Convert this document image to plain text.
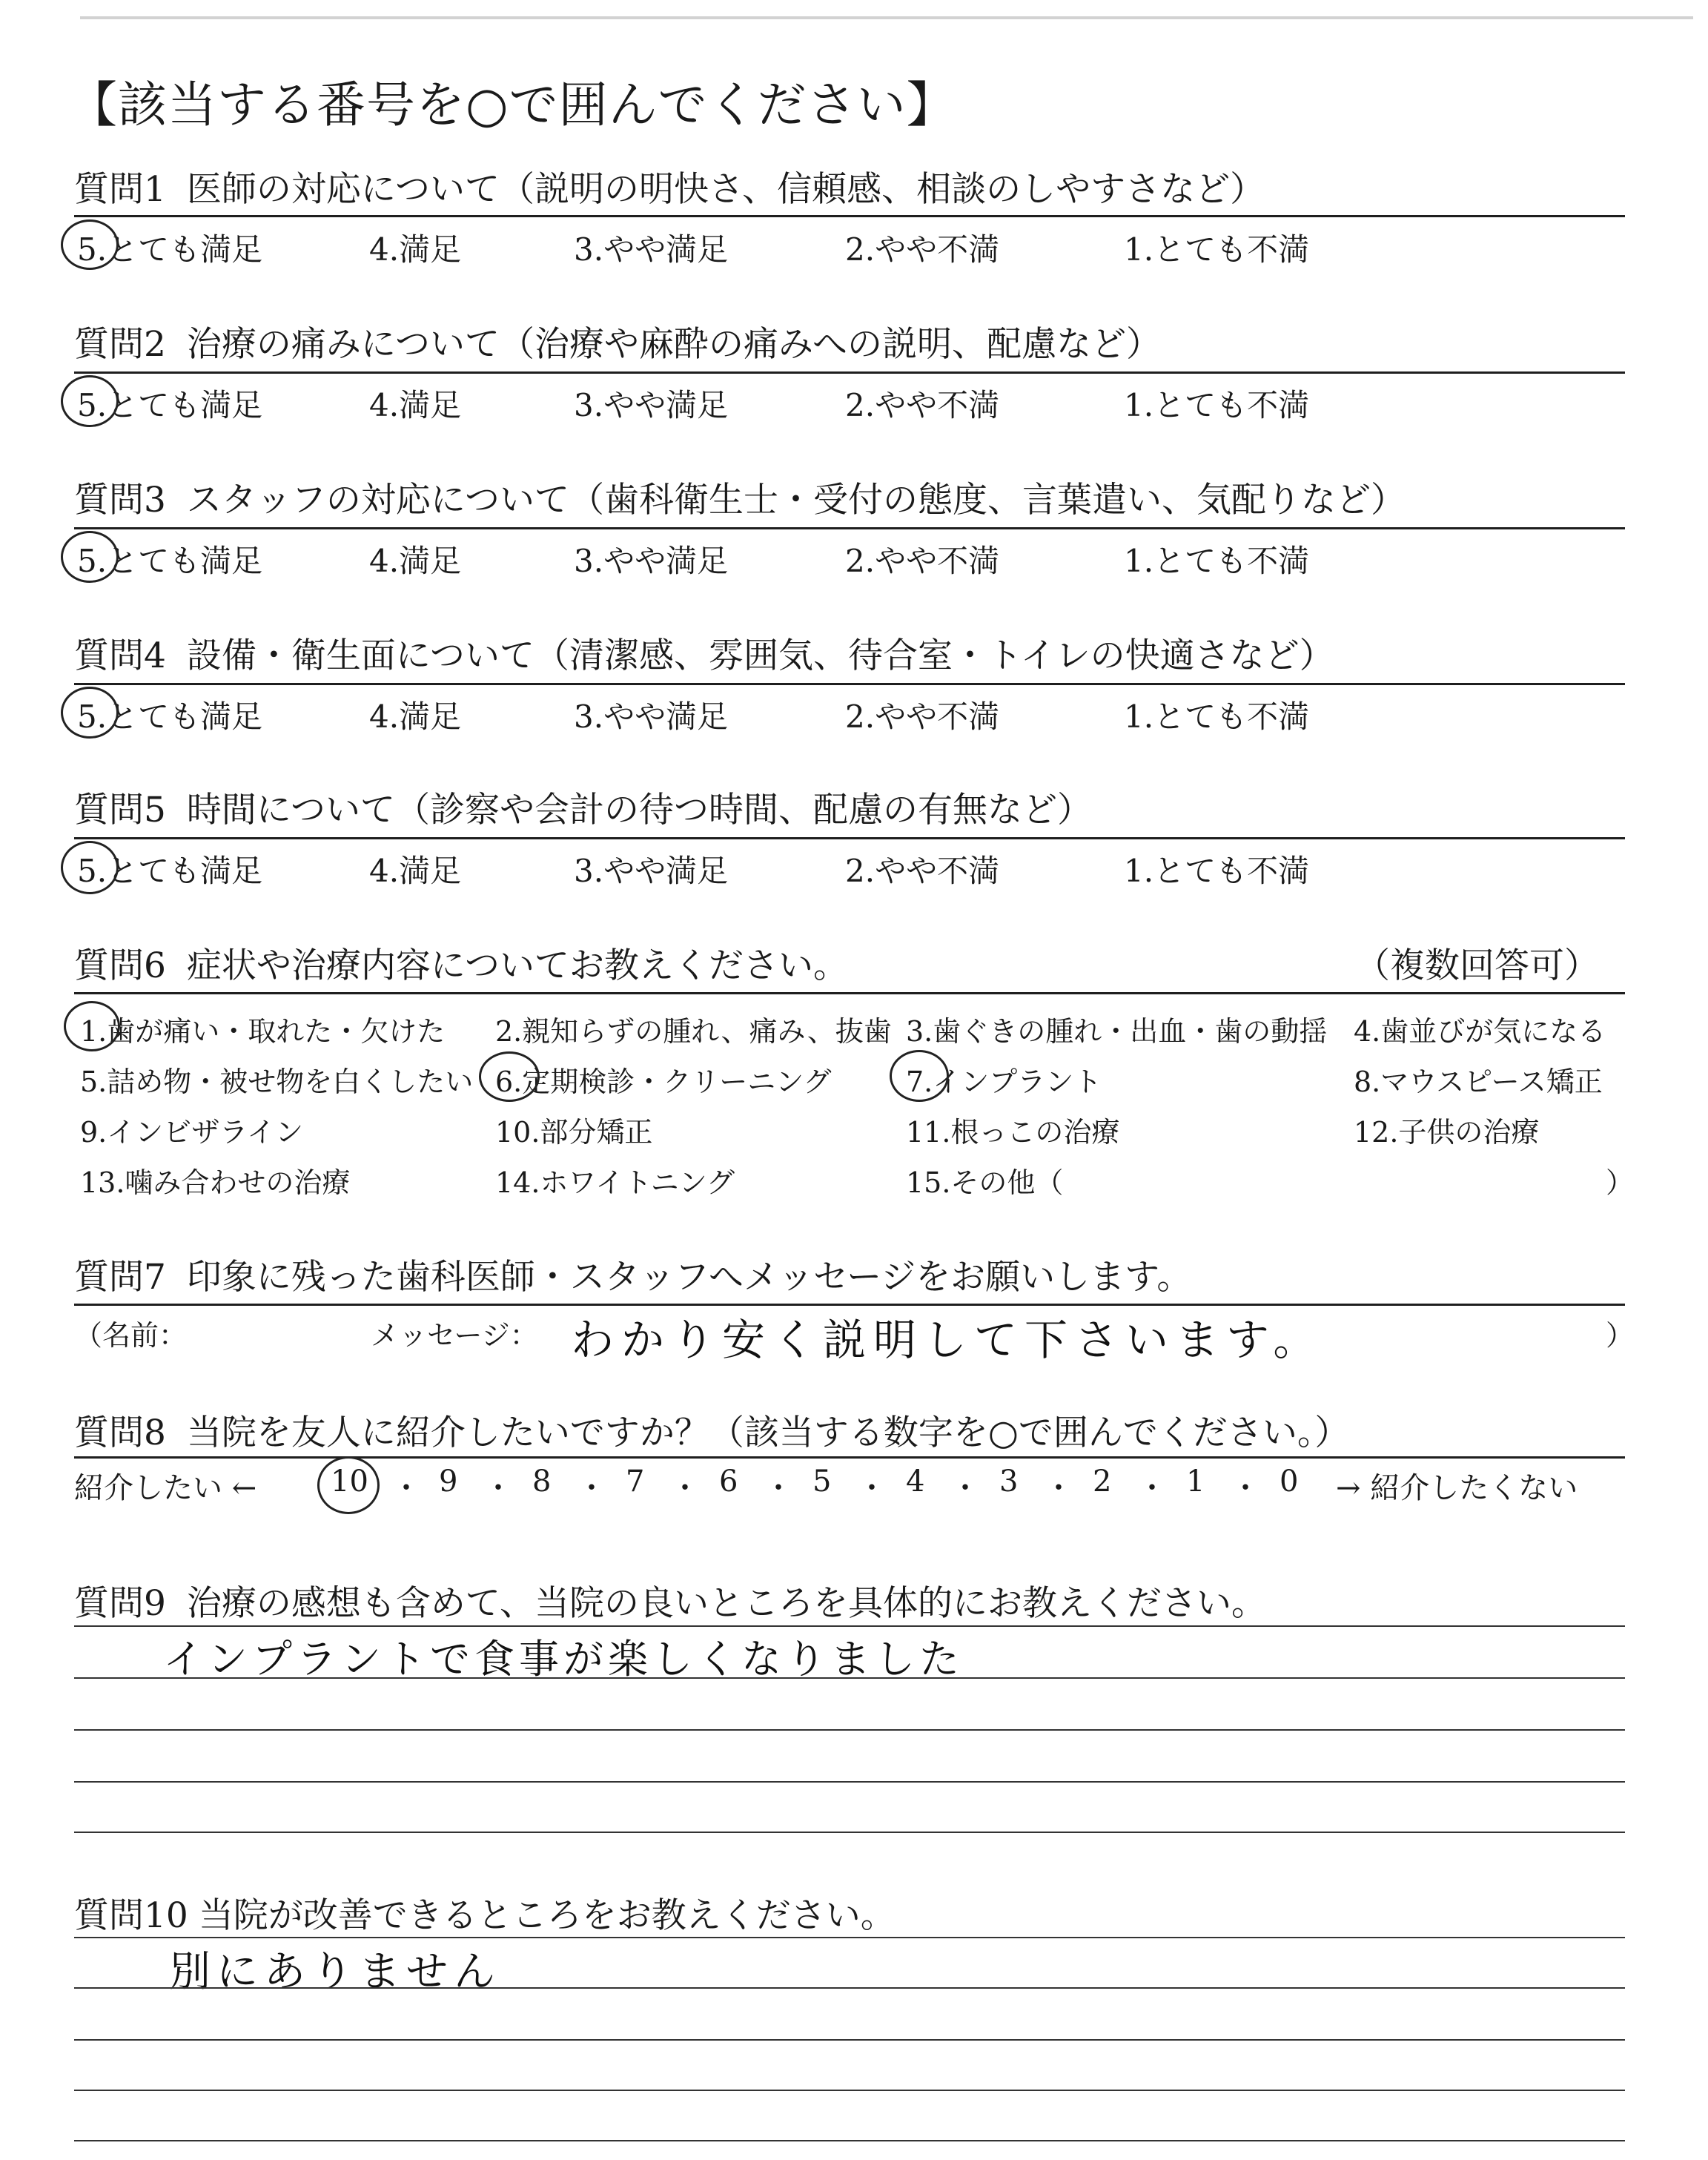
【該当する番号を○で囲んでください】
質問1 医師の対応について（説明の明快さ、信頼感、相談のしやすさなど）
5.とても満足	4.満足	3.やや満足	2.やや不満	1.とても不満
質問2 治療の痛みについて（治療や麻酔の痛みへの説明、配慮など）
5.とても満足	4.満足	3.やや満足	2.やや不満	1.とても不満
質問3 スタッフの対応について（歯科衛生士・受付の態度、言葉遣い、気配りなど）
5.とても満足	4.満足	3.やや満足	2.やや不満	1.とても不満
質問4 設備・衛生面について（清潔感、雰囲気、待合室・トイレの快適さなど）
5.とても満足	4.満足	3.やや満足	2.やや不満	1.とても不満
質問5 時間について（診察や会計の待つ時間、配慮の有無など）
5.とても満足	4.満足	3.やや満足	2.やや不満	1.とても不満
質問6 症状や治療内容についてお教えください。	（複数回答可）
1.歯が痛い・取れた・欠けた 2.親知らずの腫れ、痛み、抜歯 3.歯ぐきの腫れ・出血・歯の動揺 4.歯並びが気になる
5.詰め物・被せ物を白くしたい 6.定期検診・クリーニング	7.インプラント	8.マウスピース矯正
9.インビザライン	10.部分矯正	11.根っこの治療	12.子供の治療
13.噛み合わせの治療	14.ホワイトニング	15.その他（	）
質問7 印象に残った歯科医師・スタッフへメッセージをお願いします。
（名前：	メッセージ： わかり安く説明して下さいます。	）
質問8 当院を友人に紹介したいですか？（該当する数字を○で囲んでください。）
紹介したい ← 10 ・ 9 ・ 8 ・ 7 ・ 6 ・ 5 ・ 4 ・ 3 ・ 2 ・ 1 ・ 0 → 紹介したくない
質問9 治療の感想も含めて、当院の良いところを具体的にお教えください。
インプラントで食事が楽しくなりました
質問10 当院が改善できるところをお教えください。
別にありません
